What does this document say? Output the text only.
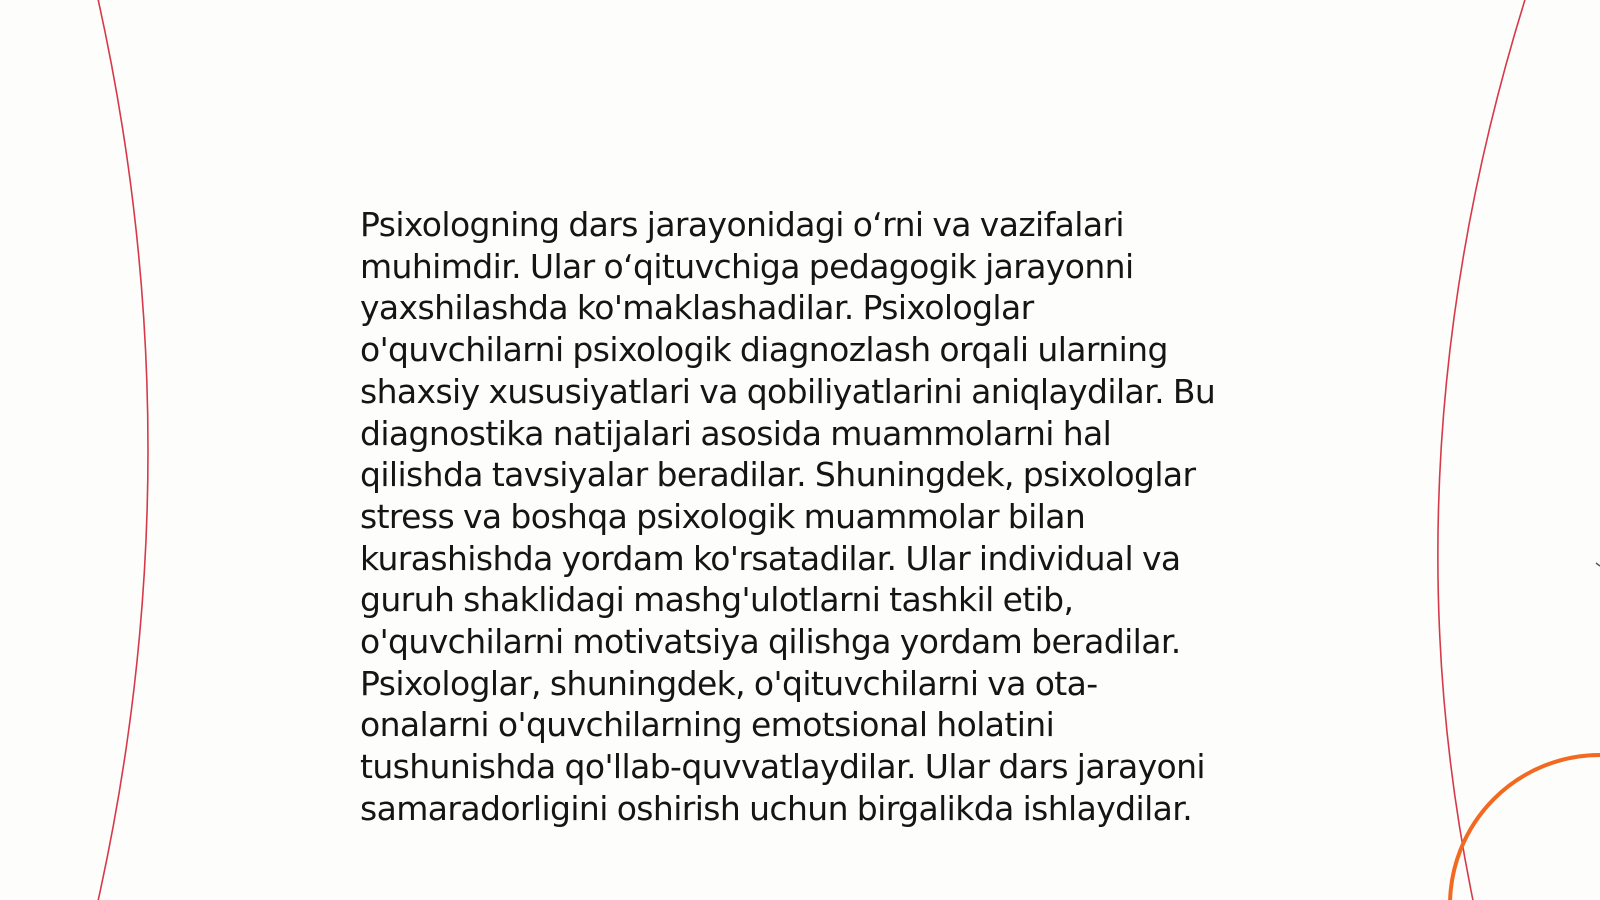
Psixologning dars jarayonidagi oʻrni va vazifalari
muhimdir. Ular oʻqituvchiga pedagogik jarayonni
yaxshilashda ko'maklashadilar. Psixologlar
o'quvchilarni psixologik diagnozlash orqali ularning
shaxsiy xususiyatlari va qobiliyatlarini aniqlaydilar. Bu
diagnostika natijalari asosida muammolarni hal
qilishda tavsiyalar beradilar. Shuningdek, psixologlar
stress va boshqa psixologik muammolar bilan
kurashishda yordam ko'rsatadilar. Ular individual va
guruh shaklidagi mashg'ulotlarni tashkil etib,
o'quvchilarni motivatsiya qilishga yordam beradilar.
Psixologlar, shuningdek, o'qituvchilarni va ota-
onalarni o'quvchilarning emotsional holatini
tushunishda qo'llab-quvvatlaydilar. Ular dars jarayoni
samaradorligini oshirish uchun birgalikda ishlaydilar.
